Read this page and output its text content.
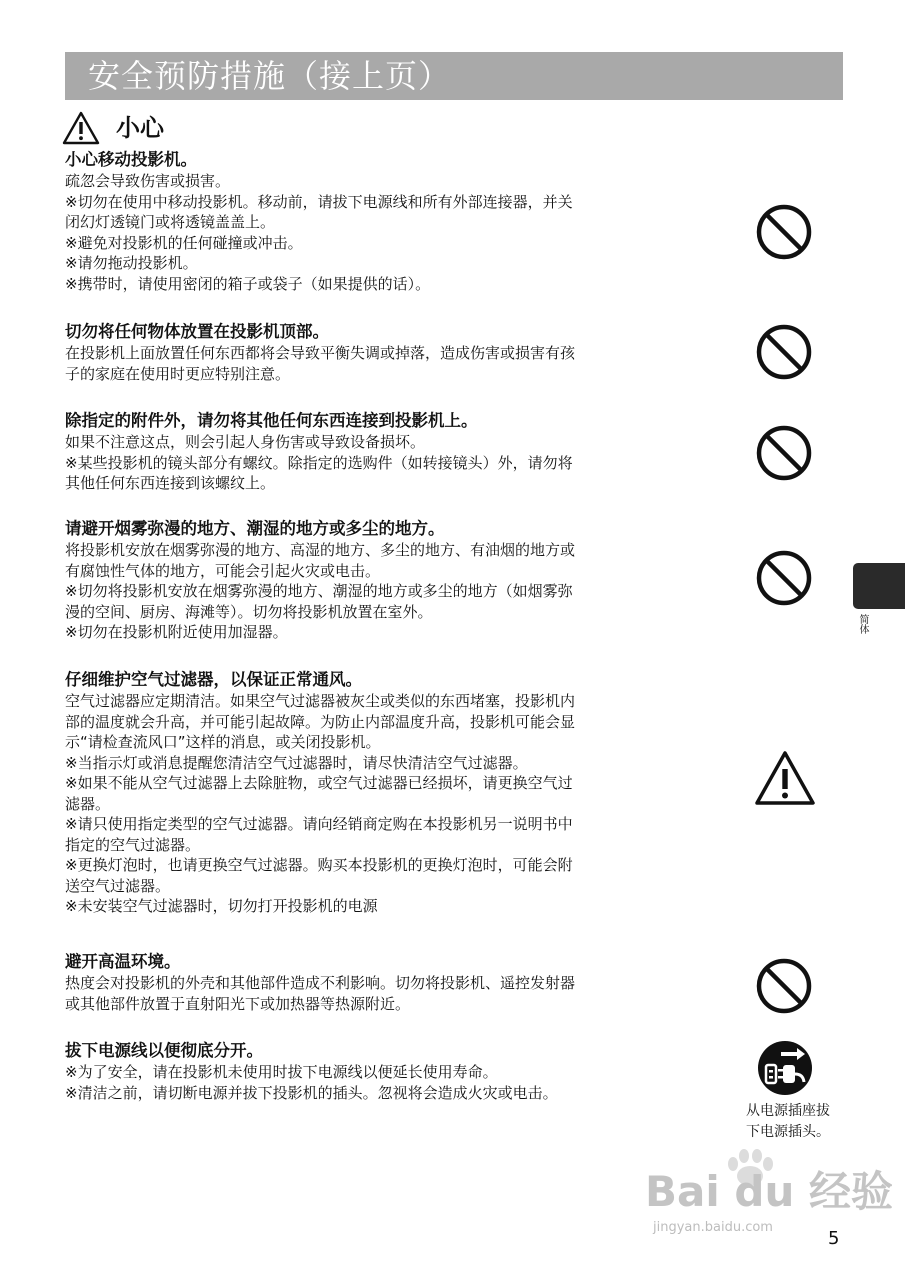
安全预防措施（接上页）
小心
小心移动投影机。
疏忽会导致伤害或损害。
※切勿在使用中移动投影机。移动前，请拔下电源线和所有外部连接器，并关
闭幻灯透镜门或将透镜盖盖上。
※避免对投影机的任何碰撞或冲击。
※请勿拖动投影机。
※携带时，请使用密闭的箱子或袋子（如果提供的话）。
切勿将任何物体放置在投影机顶部。
在投影机上面放置任何东西都将会导致平衡失调或掉落，造成伤害或损害有孩
子的家庭在使用时更应特别注意。
除指定的附件外，请勿将其他任何东西连接到投影机上。
如果不注意这点，则会引起人身伤害或导致设备损坏。
※某些投影机的镜头部分有螺纹。除指定的选购件（如转接镜头）外，请勿将
其他任何东西连接到该螺纹上。
请避开烟雾弥漫的地方、潮湿的地方或多尘的地方。
将投影机安放在烟雾弥漫的地方、高湿的地方、多尘的地方、有油烟的地方或
有腐蚀性气体的地方，可能会引起火灾或电击。
※切勿将投影机安放在烟雾弥漫的地方、潮湿的地方或多尘的地方（如烟雾弥
漫的空间、厨房、海滩等）。切勿将投影机放置在室外。
※切勿在投影机附近使用加湿器。
仔细维护空气过滤器，以保证正常通风。
空气过滤器应定期清洁。如果空气过滤器被灰尘或类似的东西堵塞，投影机内
部的温度就会升高，并可能引起故障。为防止内部温度升高，投影机可能会显
示“请检查流风口”这样的消息，或关闭投影机。
※当指示灯或消息提醒您清洁空气过滤器时，请尽快清洁空气过滤器。
※如果不能从空气过滤器上去除脏物，或空气过滤器已经损坏，请更换空气过
滤器。
※请只使用指定类型的空气过滤器。请向经销商定购在本投影机另一说明书中
指定的空气过滤器。
※更换灯泡时，也请更换空气过滤器。购买本投影机的更换灯泡时，可能会附
送空气过滤器。
※未安装空气过滤器时，切勿打开投影机的电源
避开高温环境。
热度会对投影机的外壳和其他部件造成不利影响。切勿将投影机、遥控发射器
或其他部件放置于直射阳光下或加热器等热源附近。
拔下电源线以便彻底分开。
※为了安全，请在投影机未使用时拔下电源线以便延长使用寿命。
※清洁之前，请切断电源并拔下投影机的插头。忽视将会造成火灾或电击。
从电源插座拔
下电源插头。
简体
Bai du 经验
jingyan.baidu.com
5
